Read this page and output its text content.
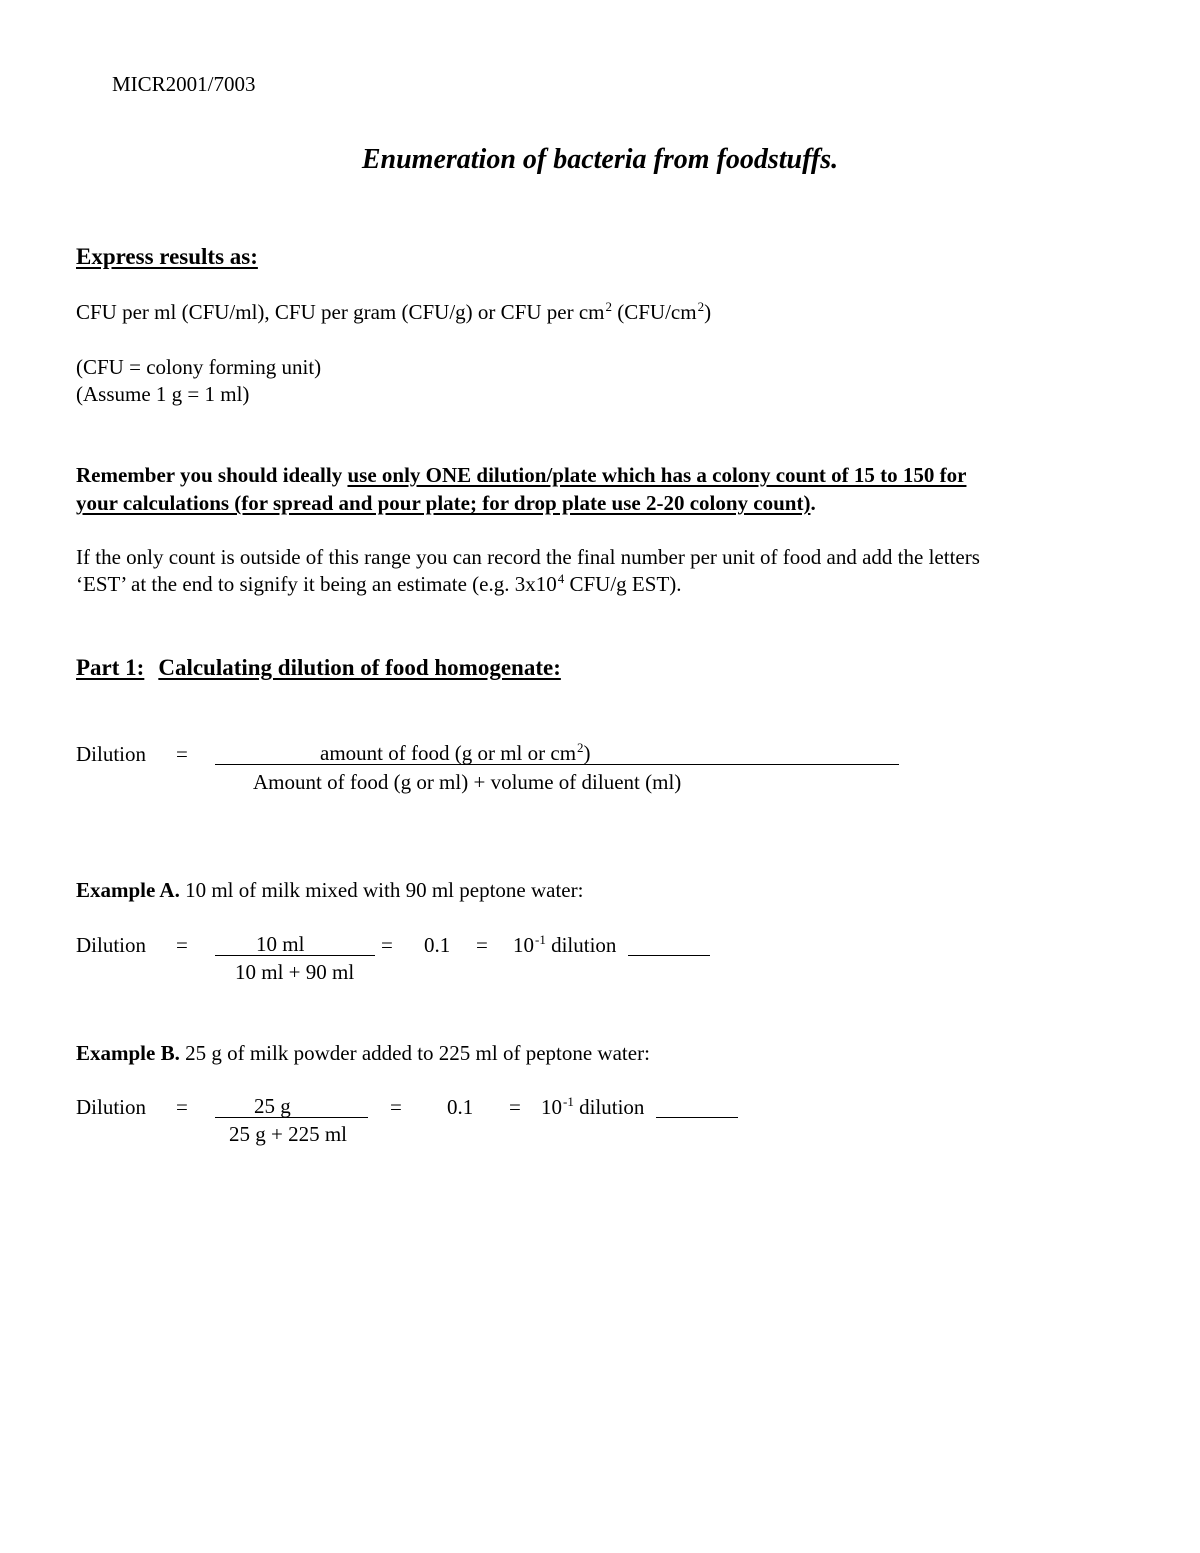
MICR2001/7003
Enumeration of bacteria from foodstuffs.
Express results as:
CFU per ml (CFU/ml), CFU per gram (CFU/g) or CFU per $cm^2$ $(CFU/cm^2)$
(CFU = colony forming unit)
(Assume 1 g = 1 ml)
Remember you should ideally use only ONE dilution/plate which has a colony count of 15 to 150 for
your calculations (for spread and pour plate; for drop plate use 2-20 colony count).
If the only count is outside of this range you can record the final number per unit of food and add the letters
‘EST’ at the end to signify it being an estimate (e.g. $3x10^4$ CFU/g EST).
Part 1: Calculating dilution of food homogenate:
Dilution =	amount of food (g or ml or $cm^2$)
Amount of food (g or ml) + volume of diluent (ml)
Example A. 10 ml of milk mixed with 90 ml peptone water:
Dilution =	10 ml
10 ml + 90 ml
= $0.1 = 10^{-1}$ dilution
Example B. 25 g of milk powder added to 225 ml of peptone water:
Dilution =	25 g
25 g + 225 ml
= $0.1 = 10^{-1}$ dilution
